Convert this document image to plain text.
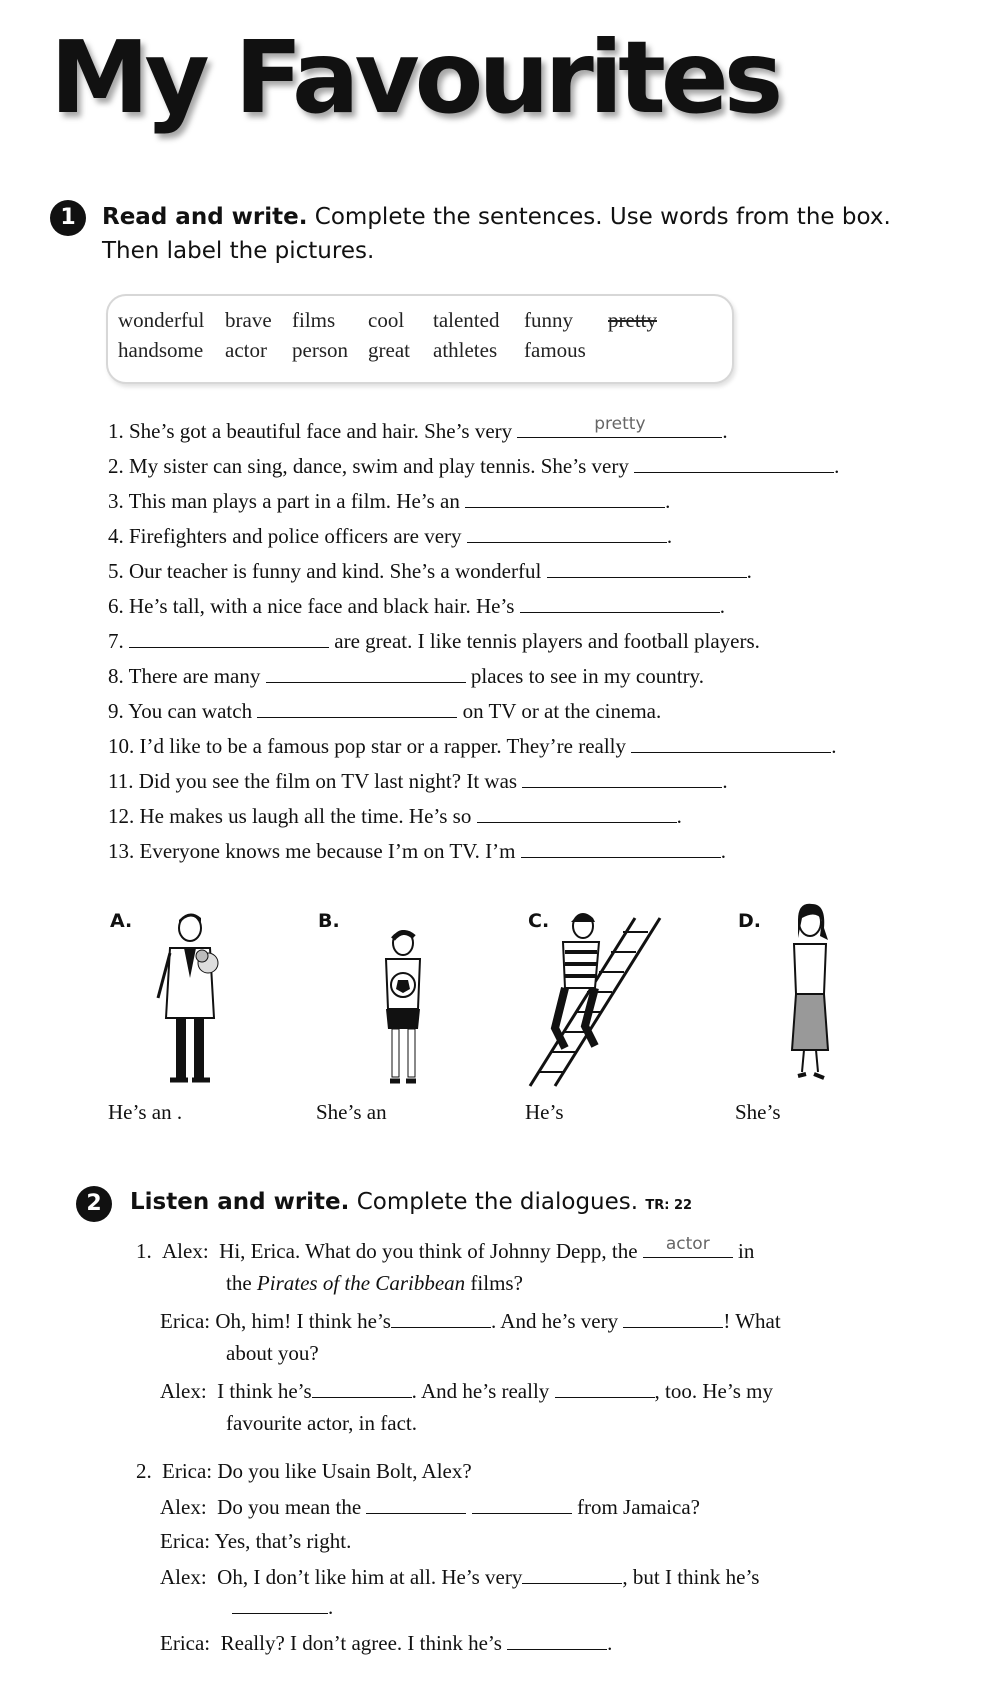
My Favourites
1	Read and write. Complete the sentences. Use words from the box.
Then label the pictures.
wonderful brave films cool talented funny pretty
handsome actor person great athletes famous
1. She’s got a beautiful face and hair. She’s very	pretty	.
2. My sister can sing, dance, swim and play tennis. She’s very	.
3. This man plays a part in a film. He’s an	.
4. Firefighters and police officers are very	.
5. Our teacher is funny and kind. She’s a wonderful	.
6. He’s tall, with a nice face and black hair. He’s	.
7.	are great. I like tennis players and football players.
8. There are many	places to see in my country.
9. You can watch	on TV or at the cinema.
10. I’d like to be a famous pop star or a rapper. They’re really	.
11. Did you see the film on TV last night? It was	.
12. He makes us laugh all the time. He’s so	.
13. Everyone knows me because I’m on TV. I’m	.
A.	B.	C.	D.
He’s an .	She’s an	He’s	She’s
2	Listen and write. Complete the dialogues. TR: 22
1. Alex: Hi, Erica. What do you think of Johnny Depp, the	actor	in
the Pirates of the Caribbean films?
Erica: Oh, him! I think he’s	. And he’s very	! What
about you?
Alex: I think he’s	. And he’s really	, too. He’s my
favourite actor, in fact.
2. Erica: Do you like Usain Bolt, Alex?
Alex: Do you mean the	from Jamaica?
Erica: Yes, that’s right.
Alex: Oh, I don’t like him at all. He’s very	, but I think he’s
.
Erica: Really? I don’t agree. I think he’s	.
